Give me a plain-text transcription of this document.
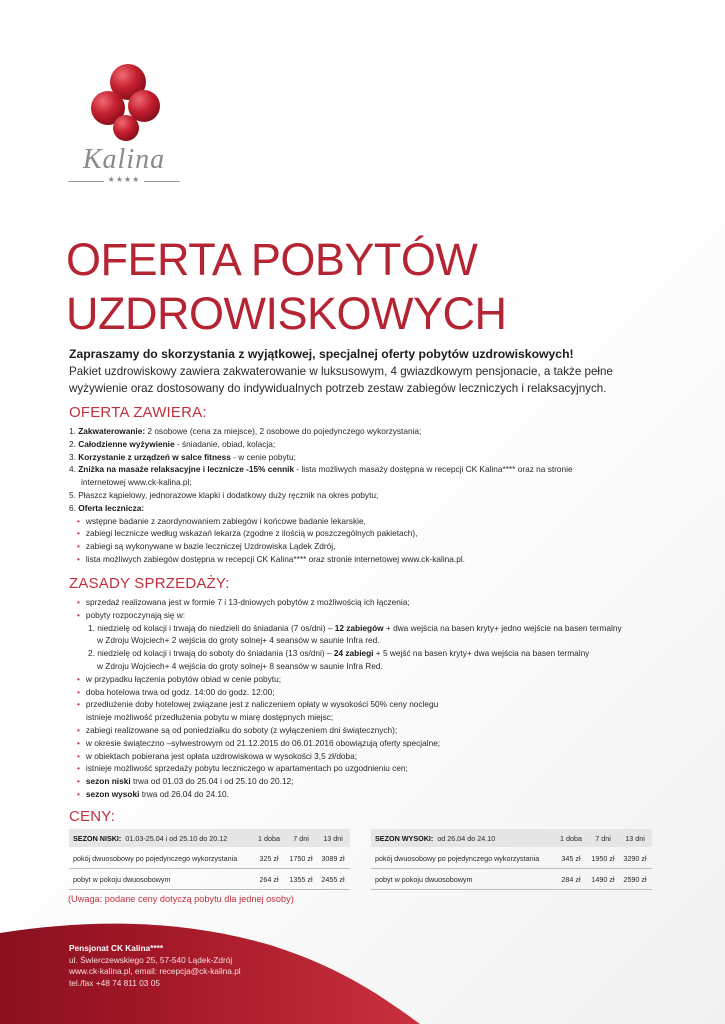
Kalina
★★★★
OFERTA POBYTÓW
UZDROWISKOWYCH
Zapraszamy do skorzystania z wyjątkowej, specjalnej oferty pobytów uzdrowiskowych!
Pakiet uzdrowiskowy zawiera zakwaterowanie w luksusowym, 4 gwiazdkowym pensjonacie, a także pełne
wyżywienie oraz dostosowany do indywidualnych potrzeb zestaw zabiegów leczniczych i relaksacyjnych.
OFERTA ZAWIERA:
1. Zakwaterowanie: 2 osobowe (cena za miejsce), 2 osobowe do pojedynczego wykorzystania;
2. Całodzienne wyżywienie - śniadanie, obiad, kolacja;
3. Korzystanie z urządzeń w salce fitness - w cenie pobytu;
4. Zniżka na masaże relaksacyjne i lecznicze -15% cennik - lista możliwych masaży dostępna w recepcji CK Kalina**** oraz na stronie
internetowej www.ck-kalina.pl;
5. Płaszcz kąpielowy, jednorazowe klapki i dodatkowy duży ręcznik na okres pobytu;
6. Oferta lecznicza:
• wstępne badanie z zaordynowaniem zabiegów i końcowe badanie lekarskie,
• zabiegi lecznicze według wskazań lekarza (zgodne z ilością w poszczególnych pakietach),
• zabiegi są wykonywane w bazie leczniczej Uzdrowiska Lądek Zdrój,
• lista możliwych zabiegów dostępna w recepcji CK Kalina**** oraz stronie internetowej www.ck-kalina.pl.
ZASADY SPRZEDAŻY:
• sprzedaż realizowana jest w formie 7 i 13-dniowych pobytów z możliwością ich łączenia;
• pobyty rozpoczynają się w:
1. niedzielę od kolacji i trwają do niedzieli do śniadania (7 os/dni) – 12 zabiegów + dwa wejścia na basen kryty+ jedno wejście na basen termalny
w Zdroju Wojciech+ 2 wejścia do groty solnej+ 4 seansów w saunie Infra red.
2. niedzielę od kolacji i trwają do soboty do śniadania (13 os/dni) – 24 zabiegi + 5 wejść na basen kryty+ dwa wejścia na basen termalny
w Zdroju Wojciech+ 4 wejścia do groty solnej+ 8 seansów w saunie Infra Red.
• w przypadku łączenia pobytów obiad w cenie pobytu;
• doba hotelowa trwa od godz. 14:00 do godz. 12:00;
• przedłużenie doby hotelowej związane jest z naliczeniem opłaty w wysokości 50% ceny noclegu
istnieje możliwość przedłużenia pobytu w miarę dostępnych miejsc;
• zabiegi realizowane są od poniedziałku do soboty (z wyłączeniem dni świątecznych);
• w okresie świątecznо –sylwestrowym od 21.12.2015 do 06.01.2016 obowiązują oferty specjalne;
• w obiektach pobierana jest opłata uzdrowiskowa w wysokości 3,5 zł/doba;
• istnieje możliwość sprzedaży pobytu leczniczego w apartamentach po uzgodnieniu cen;
• sezon niski trwa od 01.03 do 25.04 i od 25.10 do 20.12;
• sezon wysoki trwa od 26.04 do 24.10.
CENY:
SEZON NISKI: 01.03-25.04 i od 25.10 do 20.12	1 doba	7 dni	13 dni
pokój dwuosobowy po pojedynczego wykorzystania	325 zł	1750 zł	3089 zł
pobyt w pokoju dwuosobowym	264 zł	1355 zł	2455 zł
SEZON WYSOKI: od 26.04 do 24.10	1 doba	7 dni	13 dni
pokój dwuosobowy po pojedynczego wykorzystania	345 zł	1950 zł	3290 zł
pobyt w pokoju dwuosobowym	284 zł	1490 zł	2590 zł
(Uwaga: podane ceny dotyczą pobytu dla jednej osoby)
Pensjonat CK Kalina****
ul. Świerczewskiego 25, 57-540 Lądek-Zdrój
www.ck-kalina.pl, email: recepcja@ck-kalina.pl
tel./fax +48 74 811 03 05
